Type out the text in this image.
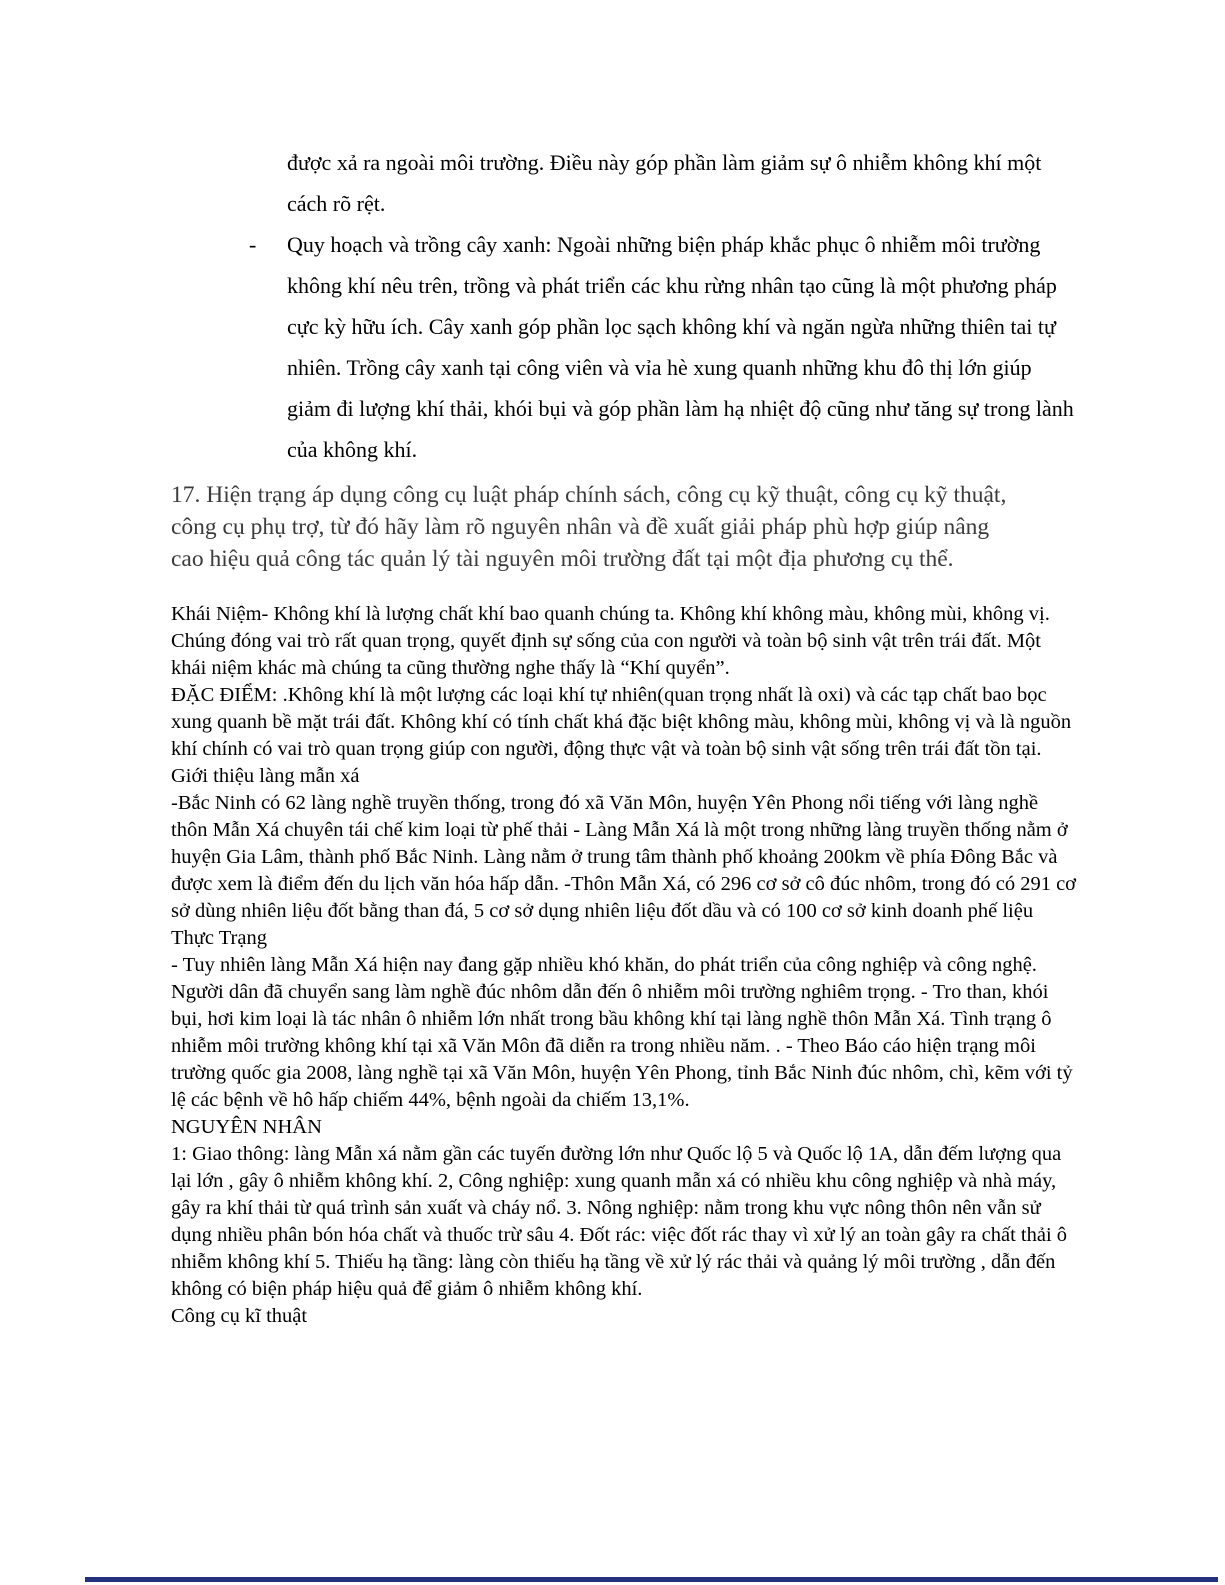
được xả ra ngoài môi trường. Điều này góp phần làm giảm sự ô nhiễm không khí một cách rõ rệt.

- Quy hoạch và trồng cây xanh: Ngoài những biện pháp khắc phục ô nhiễm môi trường không khí nêu trên, trồng và phát triển các khu rừng nhân tạo cũng là một phương pháp cực kỳ hữu ích. Cây xanh góp phần lọc sạch không khí và ngăn ngừa những thiên tai tự nhiên. Trồng cây xanh tại công viên và vỉa hè xung quanh những khu đô thị lớn giúp giảm đi lượng khí thải, khói bụi và góp phần làm hạ nhiệt độ cũng như tăng sự trong lành của không khí.

17. Hiện trạng áp dụng công cụ luật pháp chính sách, công cụ kỹ thuật, công cụ kỹ thuật, công cụ phụ trợ, từ đó hãy làm rõ nguyên nhân và đề xuất giải pháp phù hợp giúp nâng cao hiệu quả công tác quản lý tài nguyên môi trường đất tại một địa phương cụ thể.

Khái Niệm- Không khí là lượng chất khí bao quanh chúng ta. Không khí không màu, không mùi, không vị. Chúng đóng vai trò rất quan trọng, quyết định sự sống của con người và toàn bộ sinh vật trên trái đất. Một khái niệm khác mà chúng ta cũng thường nghe thấy là “Khí quyển”.

ĐẶC ĐIỂM: .Không khí là một lượng các loại khí tự nhiên(quan trọng nhất là oxi) và các tạp chất bao bọc xung quanh bề mặt trái đất. Không khí có tính chất khá đặc biệt không màu, không mùi, không vị và là nguồn khí chính có vai trò quan trọng giúp con người, động thực vật và toàn bộ sinh vật sống trên trái đất tồn tại.

Giới thiệu làng mẫn xá

-Bắc Ninh có 62 làng nghề truyền thống, trong đó xã Văn Môn, huyện Yên Phong nổi tiếng với làng nghề thôn Mẫn Xá chuyên tái chế kim loại từ phế thải - Làng Mẫn Xá là một trong những làng truyền thống nằm ở huyện Gia Lâm, thành phố Bắc Ninh. Làng nằm ở trung tâm thành phố khoảng 200km về phía Đông Bắc và được xem là điểm đến du lịch văn hóa hấp dẫn. -Thôn Mẫn Xá, có 296 cơ sở cô đúc nhôm, trong đó có 291 cơ sở dùng nhiên liệu đốt bằng than đá, 5 cơ sở dụng nhiên liệu đốt dầu và có 100 cơ sở kinh doanh phế liệu

Thực Trạng

- Tuy nhiên làng Mẫn Xá hiện nay đang gặp nhiều khó khăn, do phát triển của công nghiệp và công nghệ. Người dân đã chuyển sang làm nghề đúc nhôm dẫn đến ô nhiễm môi trường nghiêm trọng. - Tro than, khói bụi, hơi kim loại là tác nhân ô nhiễm lớn nhất trong bầu không khí tại làng nghề thôn Mẫn Xá. Tình trạng ô nhiễm môi trường không khí tại xã Văn Môn đã diễn ra trong nhiều năm. . - Theo Báo cáo hiện trạng môi trường quốc gia 2008, làng nghề tại xã Văn Môn, huyện Yên Phong, tỉnh Bắc Ninh đúc nhôm, chì, kẽm với tỷ lệ các bệnh về hô hấp chiếm 44%, bệnh ngoài da chiếm 13,1%.

NGUYÊN NHÂN

1: Giao thông: làng Mẫn xá nằm gần các tuyến đường lớn như Quốc lộ 5 và Quốc lộ 1A, dẫn đếm lượng qua lại lớn , gây ô nhiễm không khí. 2, Công nghiệp: xung quanh mẫn xá có nhiều khu công nghiệp và nhà máy, gây ra khí thải từ quá trình sản xuất và cháy nổ. 3. Nông nghiệp: nằm trong khu vực nông thôn nên vẫn sử dụng nhiều phân bón hóa chất và thuốc trừ sâu 4. Đốt rác: việc đốt rác thay vì xử lý an toàn gây ra chất thải ô nhiễm không khí 5. Thiếu hạ tầng: làng còn thiếu hạ tầng về xử lý rác thải và quảng lý môi trường , dẫn đến không có biện pháp hiệu quả để giảm ô nhiễm không khí.

Công cụ kĩ thuật
